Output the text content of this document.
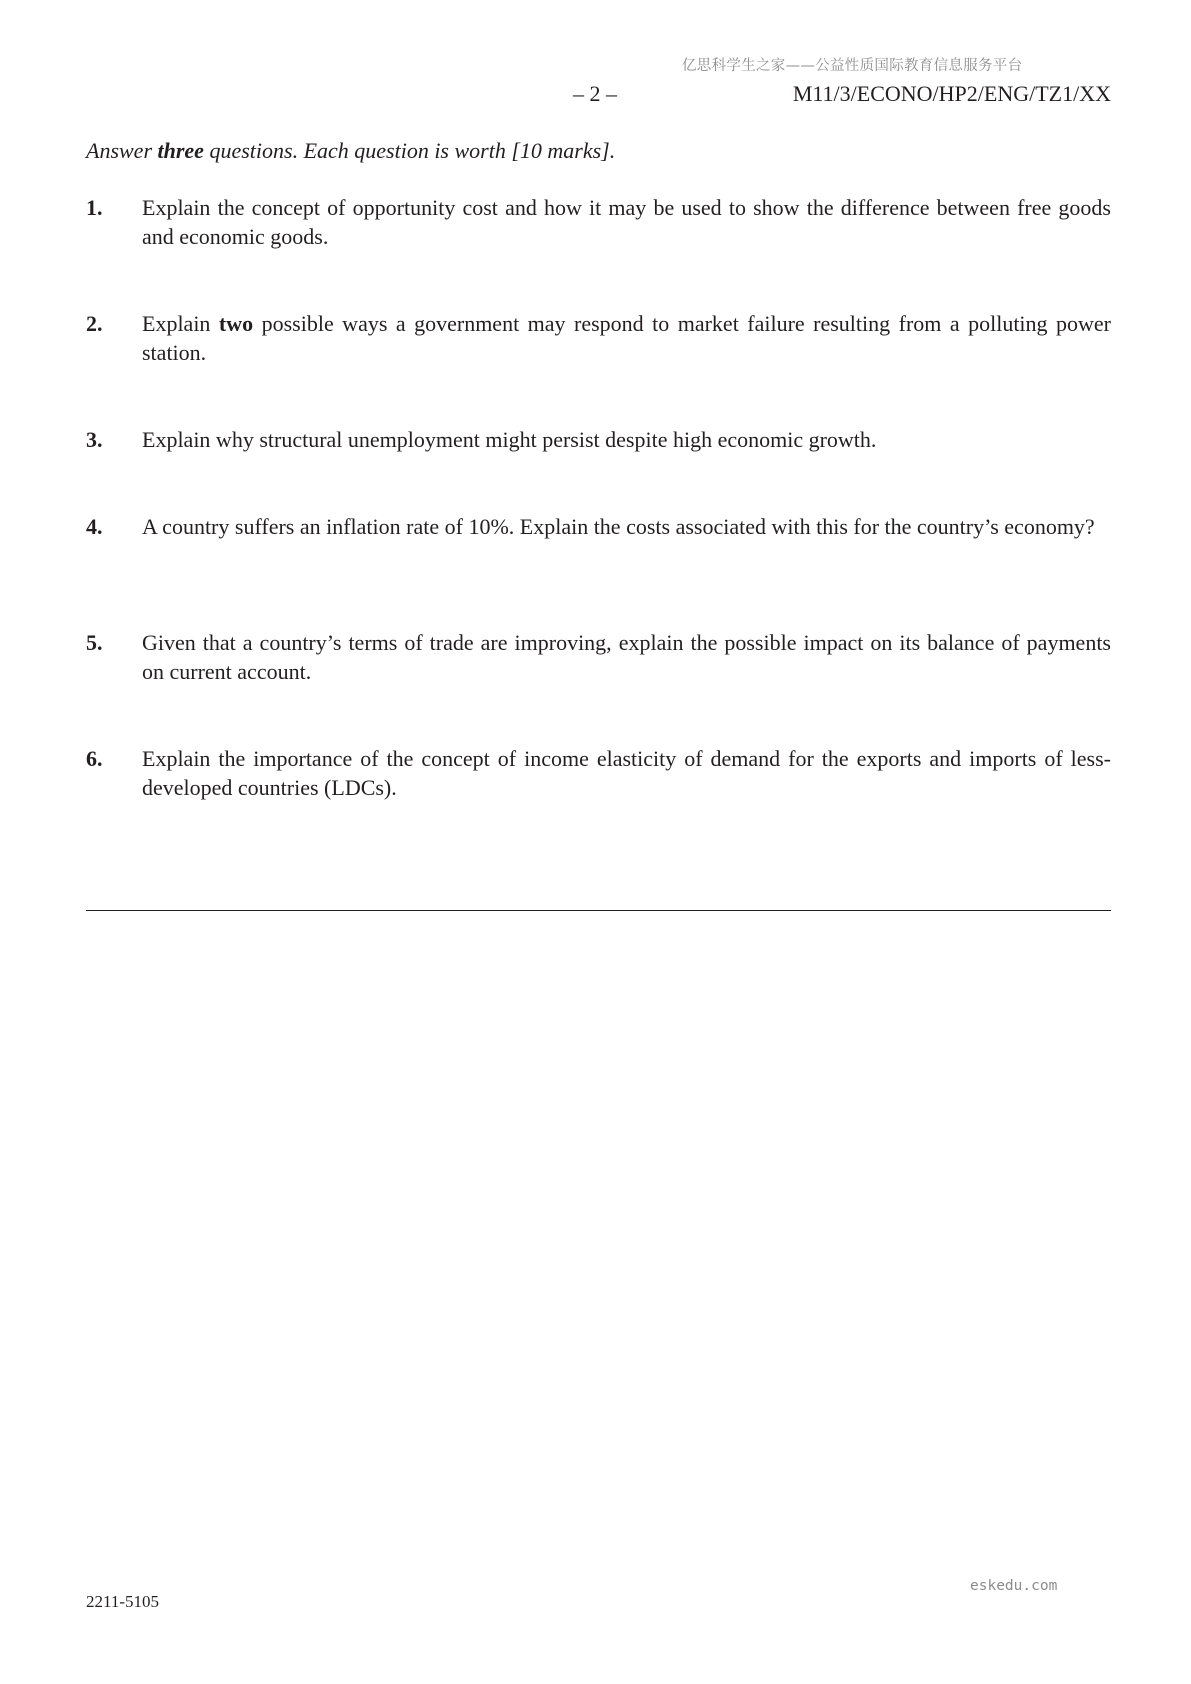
亿思科学生之家——公益性质国际教育信息服务平台
– 2 –	M11/3/ECONO/HP2/ENG/TZ1/XX
Answer three questions. Each question is worth [10 marks].
1. Explain the concept of opportunity cost and how it may be used to show the difference between free goods and economic goods.
2. Explain two possible ways a government may respond to market failure resulting from a polluting power station.
3. Explain why structural unemployment might persist despite high economic growth.
4. A country suffers an inflation rate of 10%. Explain the costs associated with this for the country’s economy?
5. Given that a country’s terms of trade are improving, explain the possible impact on its balance of payments on current account.
6. Explain the importance of the concept of income elasticity of demand for the exports and imports of less-developed countries (LDCs).
eskedu.com
2211-5105
